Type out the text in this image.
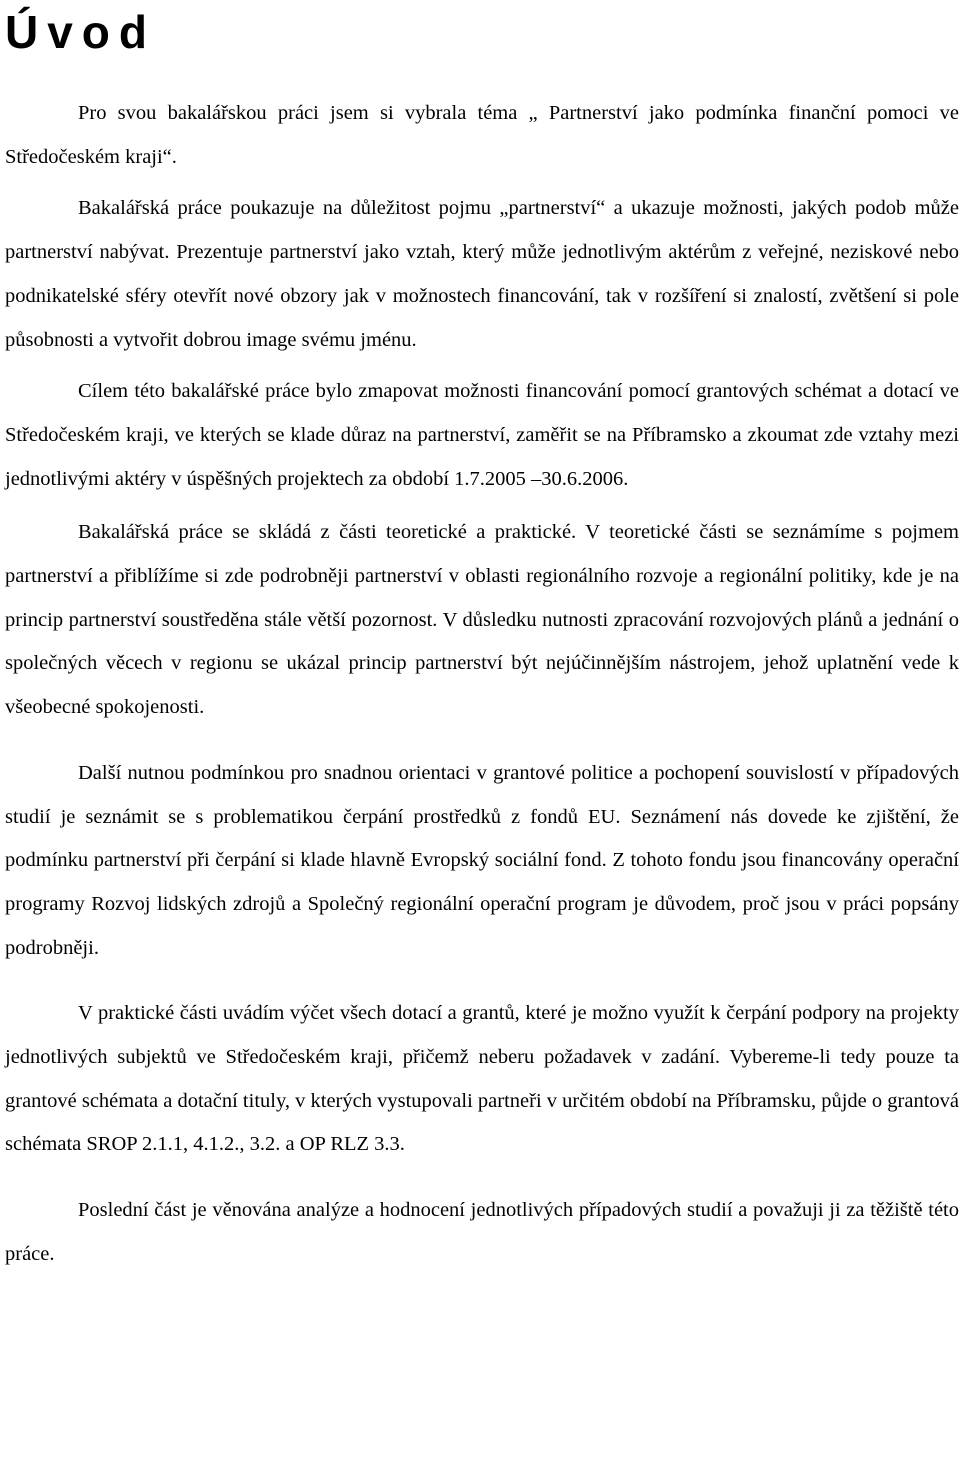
Úvod

Pro svou bakalářskou práci jsem si vybrala téma „ Partnerství jako podmínka finanční pomoci ve Středočeském kraji“.

Bakalářská práce poukazuje na důležitost pojmu „partnerství“ a ukazuje možnosti, jakých podob může partnerství nabývat. Prezentuje partnerství jako vztah, který může jednotlivým aktérům z veřejné, neziskové nebo podnikatelské sféry otevřít nové obzory jak v možnostech financování, tak v rozšíření si znalostí, zvětšení si pole působnosti a vytvořit dobrou image svému jménu.

Cílem této bakalářské práce bylo zmapovat možnosti financování pomocí grantových schémat a dotací ve Středočeském kraji, ve kterých se klade důraz na partnerství, zaměřit se na Příbramsko a zkoumat zde vztahy mezi jednotlivými aktéry v úspěšných projektech za období 1.7.2005 –30.6.2006.

Bakalářská práce se skládá z části teoretické a praktické. V teoretické části se seznámíme s pojmem partnerství a přiblížíme si zde podrobněji partnerství v oblasti regionálního rozvoje a regionální politiky, kde je na princip partnerství soustředěna stále větší pozornost. V důsledku nutnosti zpracování rozvojových plánů a jednání o společných věcech v regionu se ukázal princip partnerství být nejúčinnějším nástrojem, jehož uplatnění vede k všeobecné spokojenosti.

Další nutnou podmínkou pro snadnou orientaci v grantové politice a pochopení souvislostí v případových studií je seznámit se s problematikou čerpání prostředků z fondů EU. Seznámení nás dovede ke zjištění, že podmínku partnerství při čerpání si klade hlavně Evropský sociální fond. Z tohoto fondu jsou financovány operační programy Rozvoj lidských zdrojů a Společný regionální operační program je důvodem, proč jsou v práci popsány podrobněji.

V praktické části uvádím výčet všech dotací a grantů, které je možno využít k čerpání podpory na projekty jednotlivých subjektů ve Středočeském kraji, přičemž neberu požadavek v zadání. Vybereme-li tedy pouze ta grantové schémata a dotační tituly, v kterých vystupovali partneři v určitém období na Příbramsku, půjde o grantová schémata SROP 2.1.1, 4.1.2., 3.2. a OP RLZ 3.3.

Poslední část je věnována analýze a hodnocení jednotlivých případových studií a považuji ji za těžiště této práce.
